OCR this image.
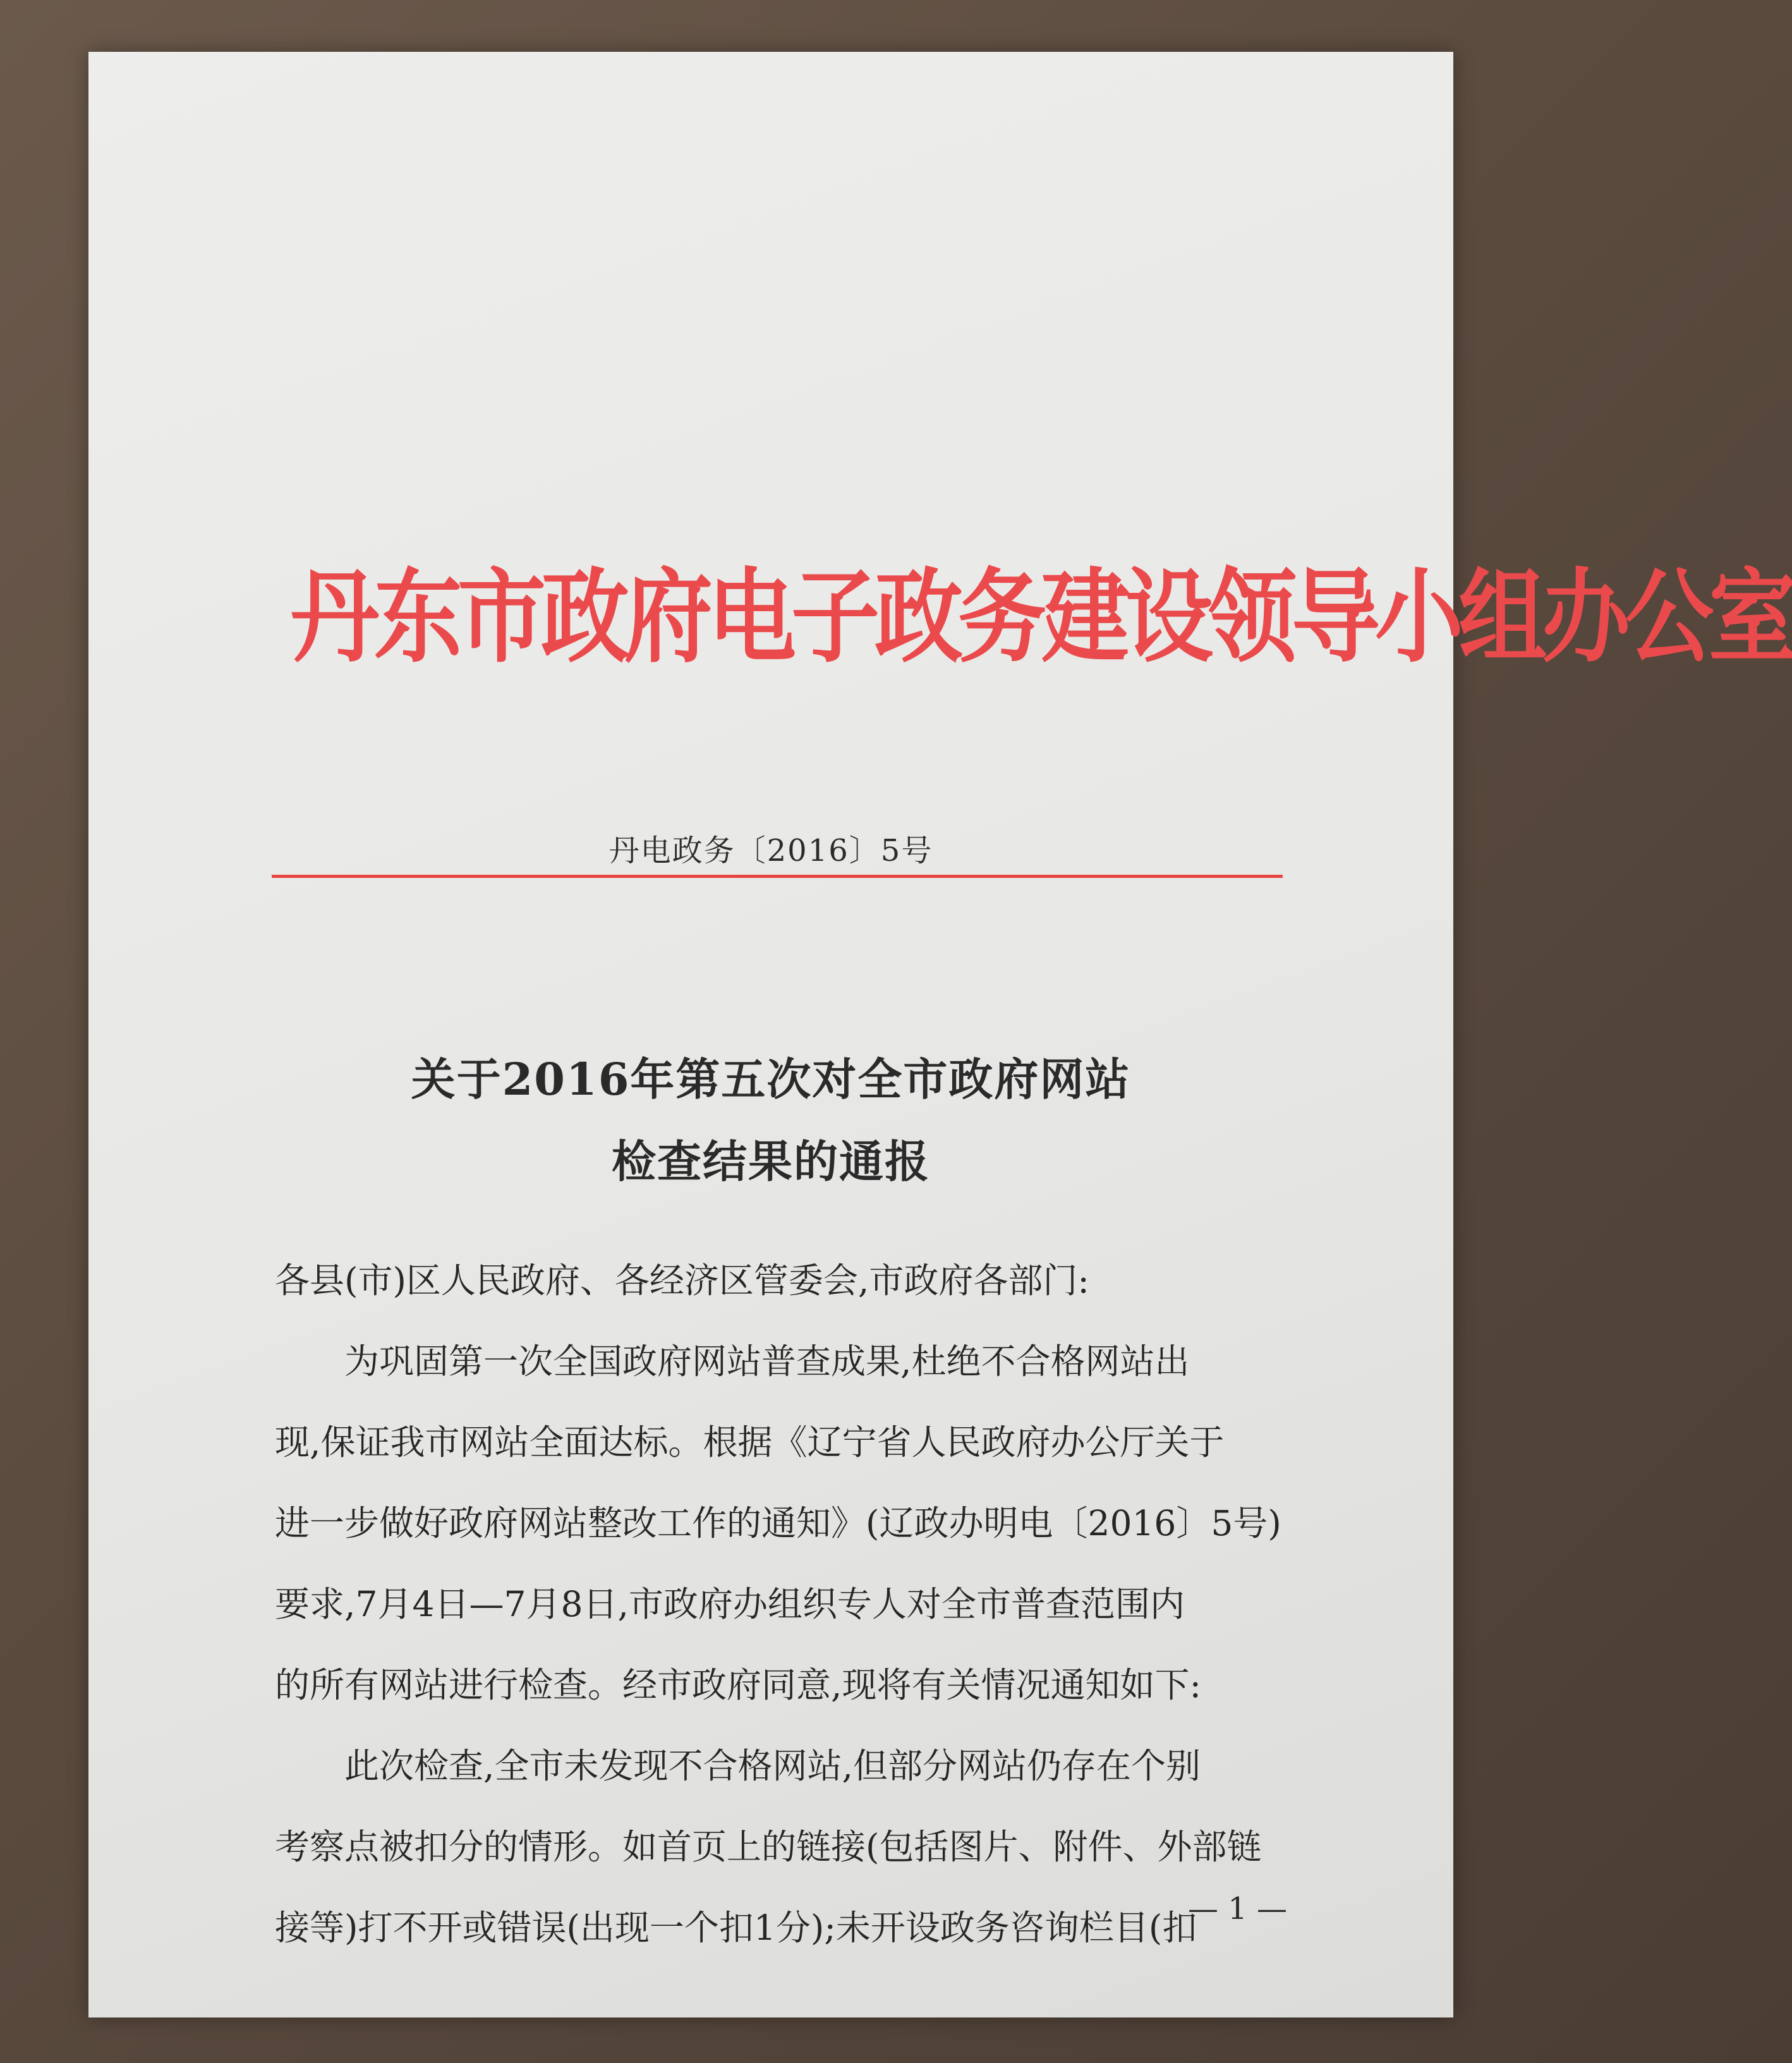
丹东市政府电子政务建设领导小组办公室
丹电政务〔2016〕5号
关于2016年第五次对全市政府网站
检查结果的通报
各县(市)区人民政府、各经济区管委会,市政府各部门:
为巩固第一次全国政府网站普查成果,杜绝不合格网站出
现,保证我市网站全面达标。根据《辽宁省人民政府办公厅关于
进一步做好政府网站整改工作的通知》(辽政办明电〔2016〕5号)
要求,7月4日—7月8日,市政府办组织专人对全市普查范围内
的所有网站进行检查。经市政府同意,现将有关情况通知如下:
此次检查,全市未发现不合格网站,但部分网站仍存在个别
考察点被扣分的情形。如首页上的链接(包括图片、附件、外部链
接等)打不开或错误(出现一个扣1分);未开设政务咨询栏目(扣
— 1 —
